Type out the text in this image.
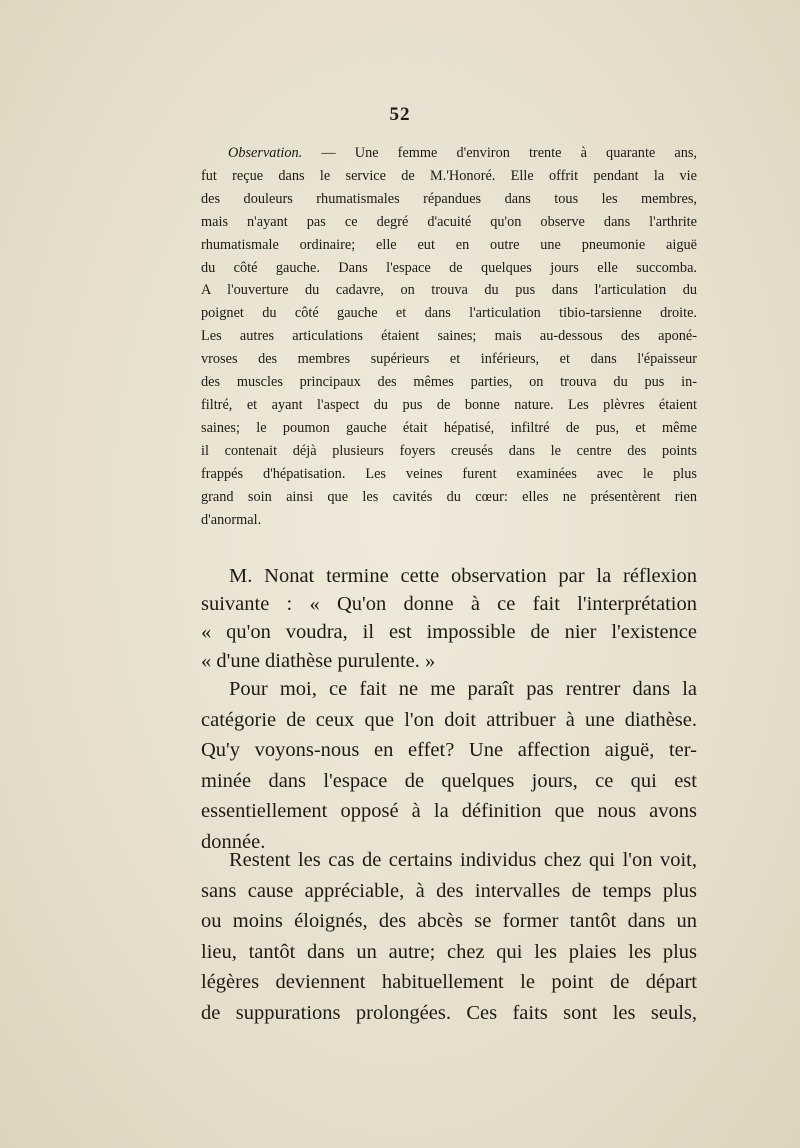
52
Observation. — Une femme d'environ trente à quarante ans,
fut reçue dans le service de M.'Honoré. Elle offrit pendant la vie
des douleurs rhumatismales répandues dans tous les membres,
mais n'ayant pas ce degré d'acuité qu'on observe dans l'arthrite
rhumatismale ordinaire; elle eut en outre une pneumonie aiguë
du côté gauche. Dans l'espace de quelques jours elle succomba.
A l'ouverture du cadavre, on trouva du pus dans l'articulation du
poignet du côté gauche et dans l'articulation tibio-tarsienne droite.
Les autres articulations étaient saines; mais au-dessous des aponé-
vroses des membres supérieurs et inférieurs, et dans l'épaisseur
des muscles principaux des mêmes parties, on trouva du pus in-
filtré, et ayant l'aspect du pus de bonne nature. Les plèvres étaient
saines; le poumon gauche était hépatisé, infiltré de pus, et même
il contenait déjà plusieurs foyers creusés dans le centre des points
frappés d'hépatisation. Les veines furent examinées avec le plus
grand soin ainsi que les cavités du cœur: elles ne présentèrent rien
d'anormal.
M. Nonat termine cette observation par la réflexion
suivante : « Qu'on donne à ce fait l'interprétation
« qu'on voudra, il est impossible de nier l'existence
« d'une diathèse purulente. »
Pour moi, ce fait ne me paraît pas rentrer dans la
catégorie de ceux que l'on doit attribuer à une diathèse.
Qu'y voyons-nous en effet? Une affection aiguë, ter-
minée dans l'espace de quelques jours, ce qui est
essentiellement opposé à la définition que nous avons
donnée.
Restent les cas de certains individus chez qui l'on voit,
sans cause appréciable, à des intervalles de temps plus
ou moins éloignés, des abcès se former tantôt dans un
lieu, tantôt dans un autre; chez qui les plaies les plus
légères deviennent habituellement le point de départ
de suppurations prolongées. Ces faits sont les seuls,
